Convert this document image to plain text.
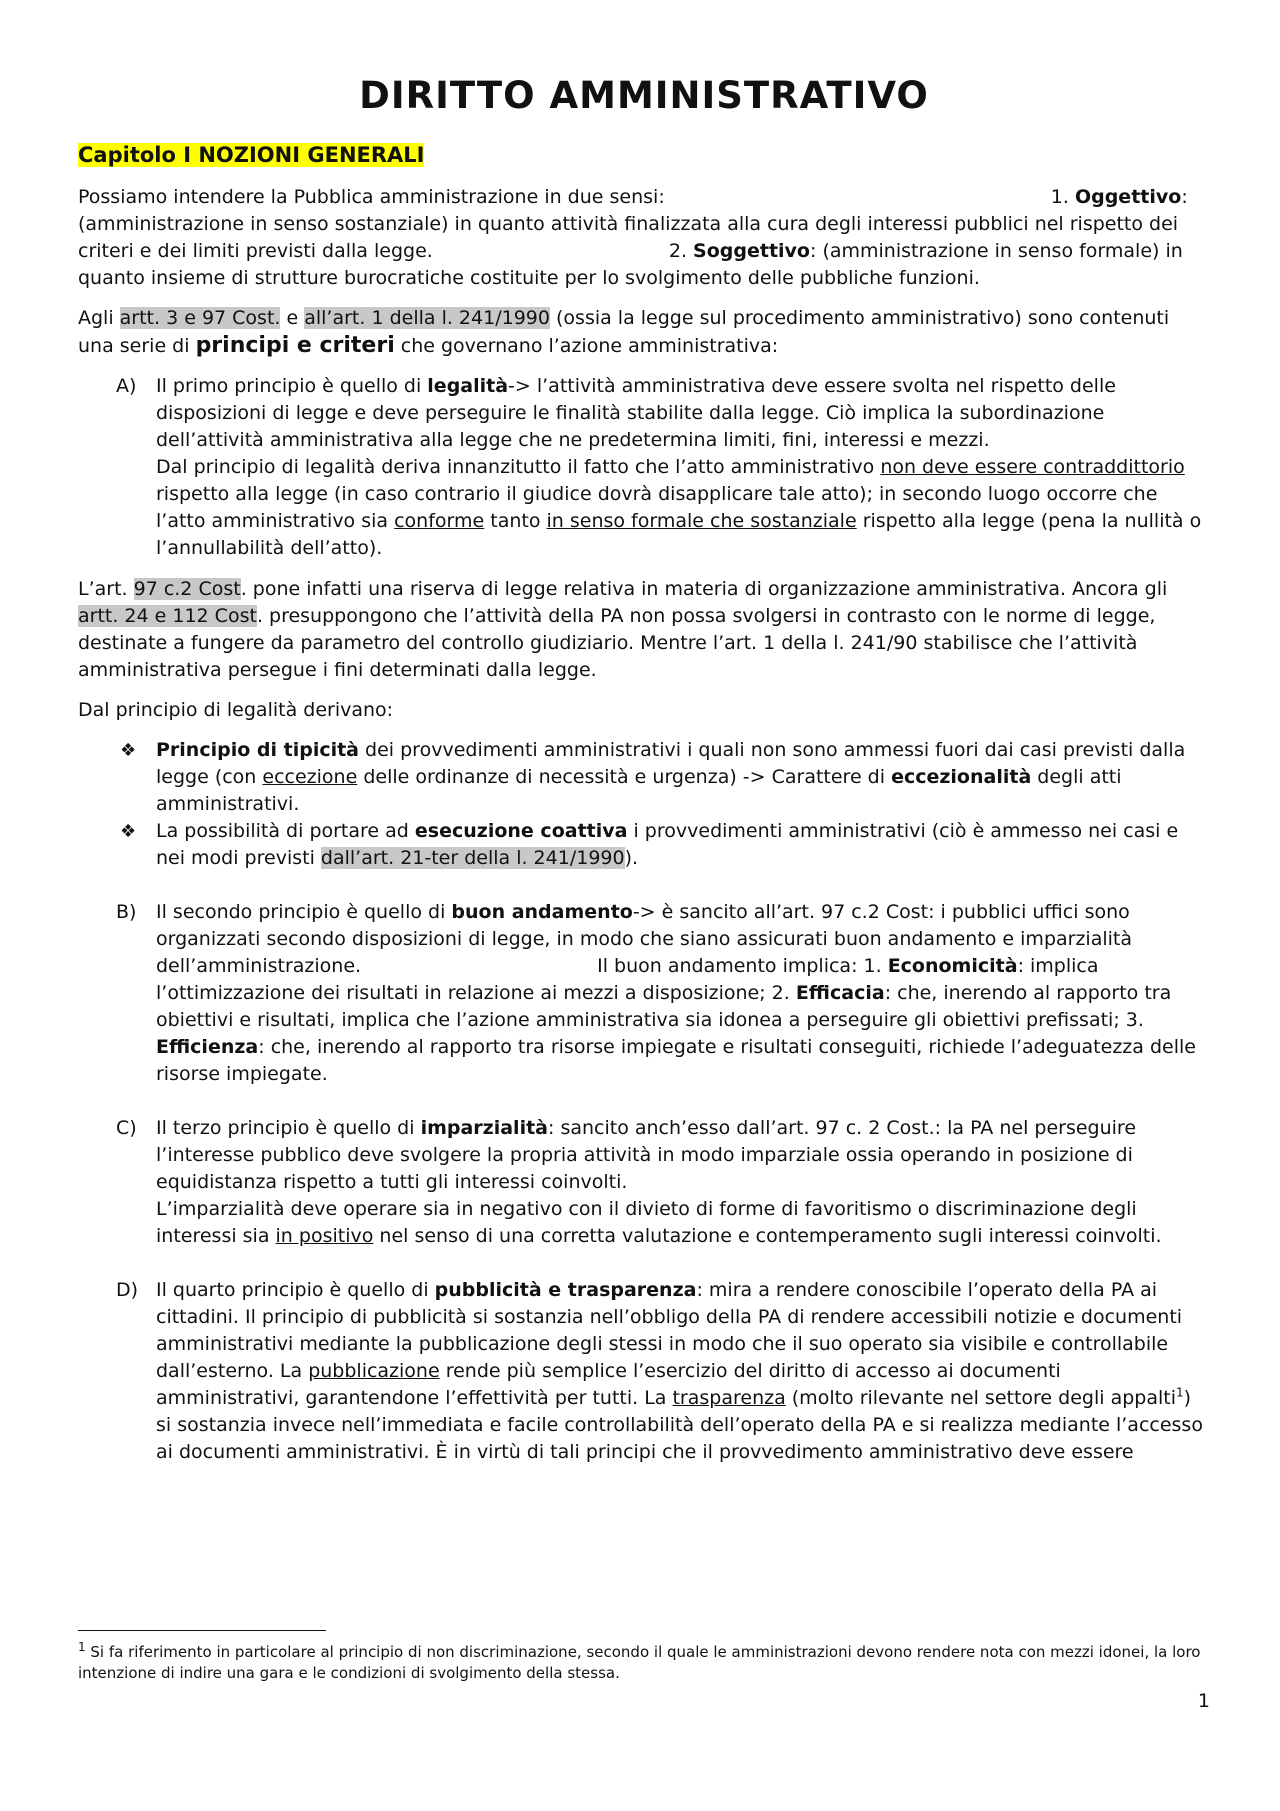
DIRITTO AMMINISTRATIVO
Capitolo I NOZIONI GENERALI

Possiamo intendere la Pubblica amministrazione in due sensi:	1. Oggettivo: (amministrazione in senso sostanziale) in quanto attività finalizzata alla cura degli interessi pubblici nel rispetto dei criteri e dei limiti previsti dalla legge.	2. Soggettivo: (amministrazione in senso formale) in quanto insieme di strutture burocratiche costituite per lo svolgimento delle pubbliche funzioni.

Agli artt. 3 e 97 Cost. e all’art. 1 della l. 241/1990 (ossia la legge sul procedimento amministrativo) sono contenuti una serie di principi e criteri che governano l’azione amministrativa:

A) Il primo principio è quello di legalità-> l’attività amministrativa deve essere svolta nel rispetto delle disposizioni di legge e deve perseguire le finalità stabilite dalla legge. Ciò implica la subordinazione dell’attività amministrativa alla legge che ne predetermina limiti, fini, interessi e mezzi.
Dal principio di legalità deriva innanzitutto il fatto che l’atto amministrativo non deve essere contraddittorio rispetto alla legge (in caso contrario il giudice dovrà disapplicare tale atto); in secondo luogo occorre che l’atto amministrativo sia conforme tanto in senso formale che sostanziale rispetto alla legge (pena la nullità o l’annullabilità dell’atto).

L’art. 97 c.2 Cost. pone infatti una riserva di legge relativa in materia di organizzazione amministrativa. Ancora gli artt. 24 e 112 Cost. presuppongono che l’attività della PA non possa svolgersi in contrasto con le norme di legge, destinate a fungere da parametro del controllo giudiziario. Mentre l’art. 1 della l. 241/90 stabilisce che l’attività amministrativa persegue i fini determinati dalla legge.

Dal principio di legalità derivano:

❖ Principio di tipicità dei provvedimenti amministrativi i quali non sono ammessi fuori dai casi previsti dalla legge (con eccezione delle ordinanze di necessità e urgenza) -> Carattere di eccezionalità degli atti amministrativi.
❖ La possibilità di portare ad esecuzione coattiva i provvedimenti amministrativi (ciò è ammesso nei casi e nei modi previsti dall’art. 21-ter della l. 241/1990).
B) Il secondo principio è quello di buon andamento-> è sancito all’art. 97 c.2 Cost: i pubblici uffici sono organizzati secondo disposizioni di legge, in modo che siano assicurati buon andamento e imparzialità dell’amministrazione.	Il buon andamento implica: 1. Economicità: implica l’ottimizzazione dei risultati in relazione ai mezzi a disposizione; 2. Efficacia: che, inerendo al rapporto tra obiettivi e risultati, implica che l’azione amministrativa sia idonea a perseguire gli obiettivi prefissati; 3. Efficienza: che, inerendo al rapporto tra risorse impiegate e risultati conseguiti, richiede l’adeguatezza delle risorse impiegate.
C) Il terzo principio è quello di imparzialità: sancito anch’esso dall’art. 97 c. 2 Cost.: la PA nel perseguire l’interesse pubblico deve svolgere la propria attività in modo imparziale ossia operando in posizione di equidistanza rispetto a tutti gli interessi coinvolti.
L’imparzialità deve operare sia in negativo con il divieto di forme di favoritismo o discriminazione degli interessi sia in positivo nel senso di una corretta valutazione e contemperamento sugli interessi coinvolti.
D) Il quarto principio è quello di pubblicità e trasparenza: mira a rendere conoscibile l’operato della PA ai cittadini. Il principio di pubblicità si sostanzia nell’obbligo della PA di rendere accessibili notizie e documenti amministrativi mediante la pubblicazione degli stessi in modo che il suo operato sia visibile e controllabile dall’esterno. La pubblicazione rende più semplice l’esercizio del diritto di accesso ai documenti amministrativi, garantendone l’effettività per tutti. La trasparenza (molto rilevante nel settore degli appalti$^1$) si sostanzia invece nell’immediata e facile controllabilità dell’operato della PA e si realizza mediante l’accesso ai documenti amministrativi. È in virtù di tali principi che il provvedimento amministrativo deve essere
$^1$ Si fa riferimento in particolare al principio di non discriminazione, secondo il quale le amministrazioni devono rendere nota con mezzi idonei, la loro intenzione di indire una gara e le condizioni di svolgimento della stessa.
1
